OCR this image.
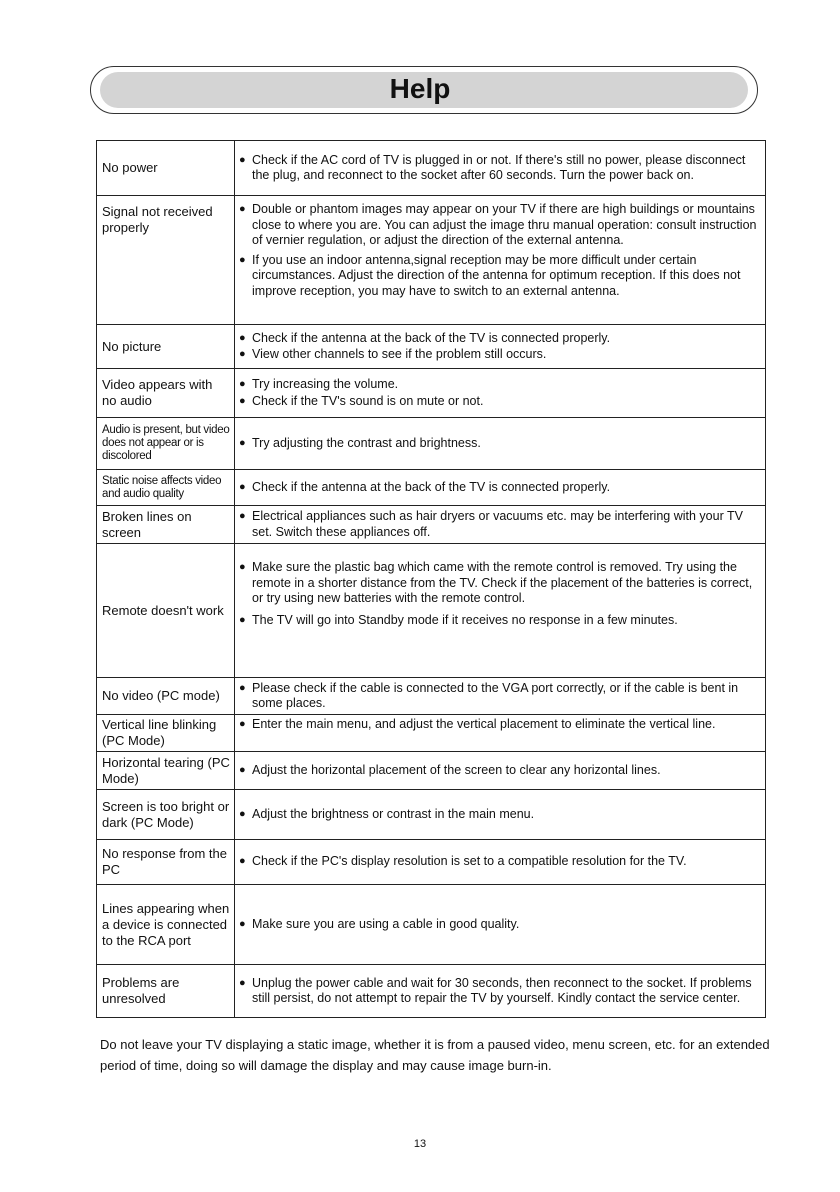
Help
No power	● Check if the AC cord of TV is plugged in or not. If there's still no power, please disconnect the plug, and reconnect to the socket after 60 seconds. Turn the power back on.

Signal not received properly	● Double or phantom images may appear on your TV if there are high buildings or mountains close to where you are. You can adjust the image thru manual operation: consult instruction of vernier regulation, or adjust the direction of the external antenna.

● If you use an indoor antenna,signal reception may be more difficult under certain circumstances. Adjust the direction of the antenna for optimum reception. If this does not improve reception, you may have to switch to an external antenna.

No picture	● Check if the antenna at the back of the TV is connected properly.

● View other channels to see if the problem still occurs.

Video appears with no audio	● Try increasing the volume.

● Check if the TV's sound is on mute or not.

Audio is present, but video does not appear or is discolored	● Try adjusting the contrast and brightness.

Static noise affects video and audio quality	● Check if the antenna at the back of the TV is connected properly.

Broken lines on screen	● Electrical appliances such as hair dryers or vacuums etc. may be interfering with your TV set. Switch these appliances off.

Remote doesn't work	● Make sure the plastic bag which came with the remote control is removed. Try using the remote in a shorter distance from the TV. Check if the placement of the batteries is correct, or try using new batteries with the remote control.

● The TV will go into Standby mode if it receives no response in a few minutes.

No video (PC mode)	● Please check if the cable is connected to the VGA port correctly, or if the cable is bent in some places.

Vertical line blinking (PC Mode)	● Enter the main menu, and adjust the vertical placement to eliminate the vertical line.

Horizontal tearing (PC Mode)	● Adjust the horizontal placement of the screen to clear any horizontal lines.

Screen is too bright or dark (PC Mode)	● Adjust the brightness or contrast in the main menu.

No response from the PC	● Check if the PC's display resolution is set to a compatible resolution for the TV.

Lines appearing when a device is connected to the RCA port	● Make sure you are using a cable in good quality.

Problems are unresolved	● Unplug the power cable and wait for 30 seconds, then reconnect to the socket. If problems still persist, do not attempt to repair the TV by yourself. Kindly contact the service center.

Do not leave your TV displaying a static image, whether it is from a paused video, menu screen, etc. for an extended period of time, doing so will damage the display and may cause image burn-in.
13
